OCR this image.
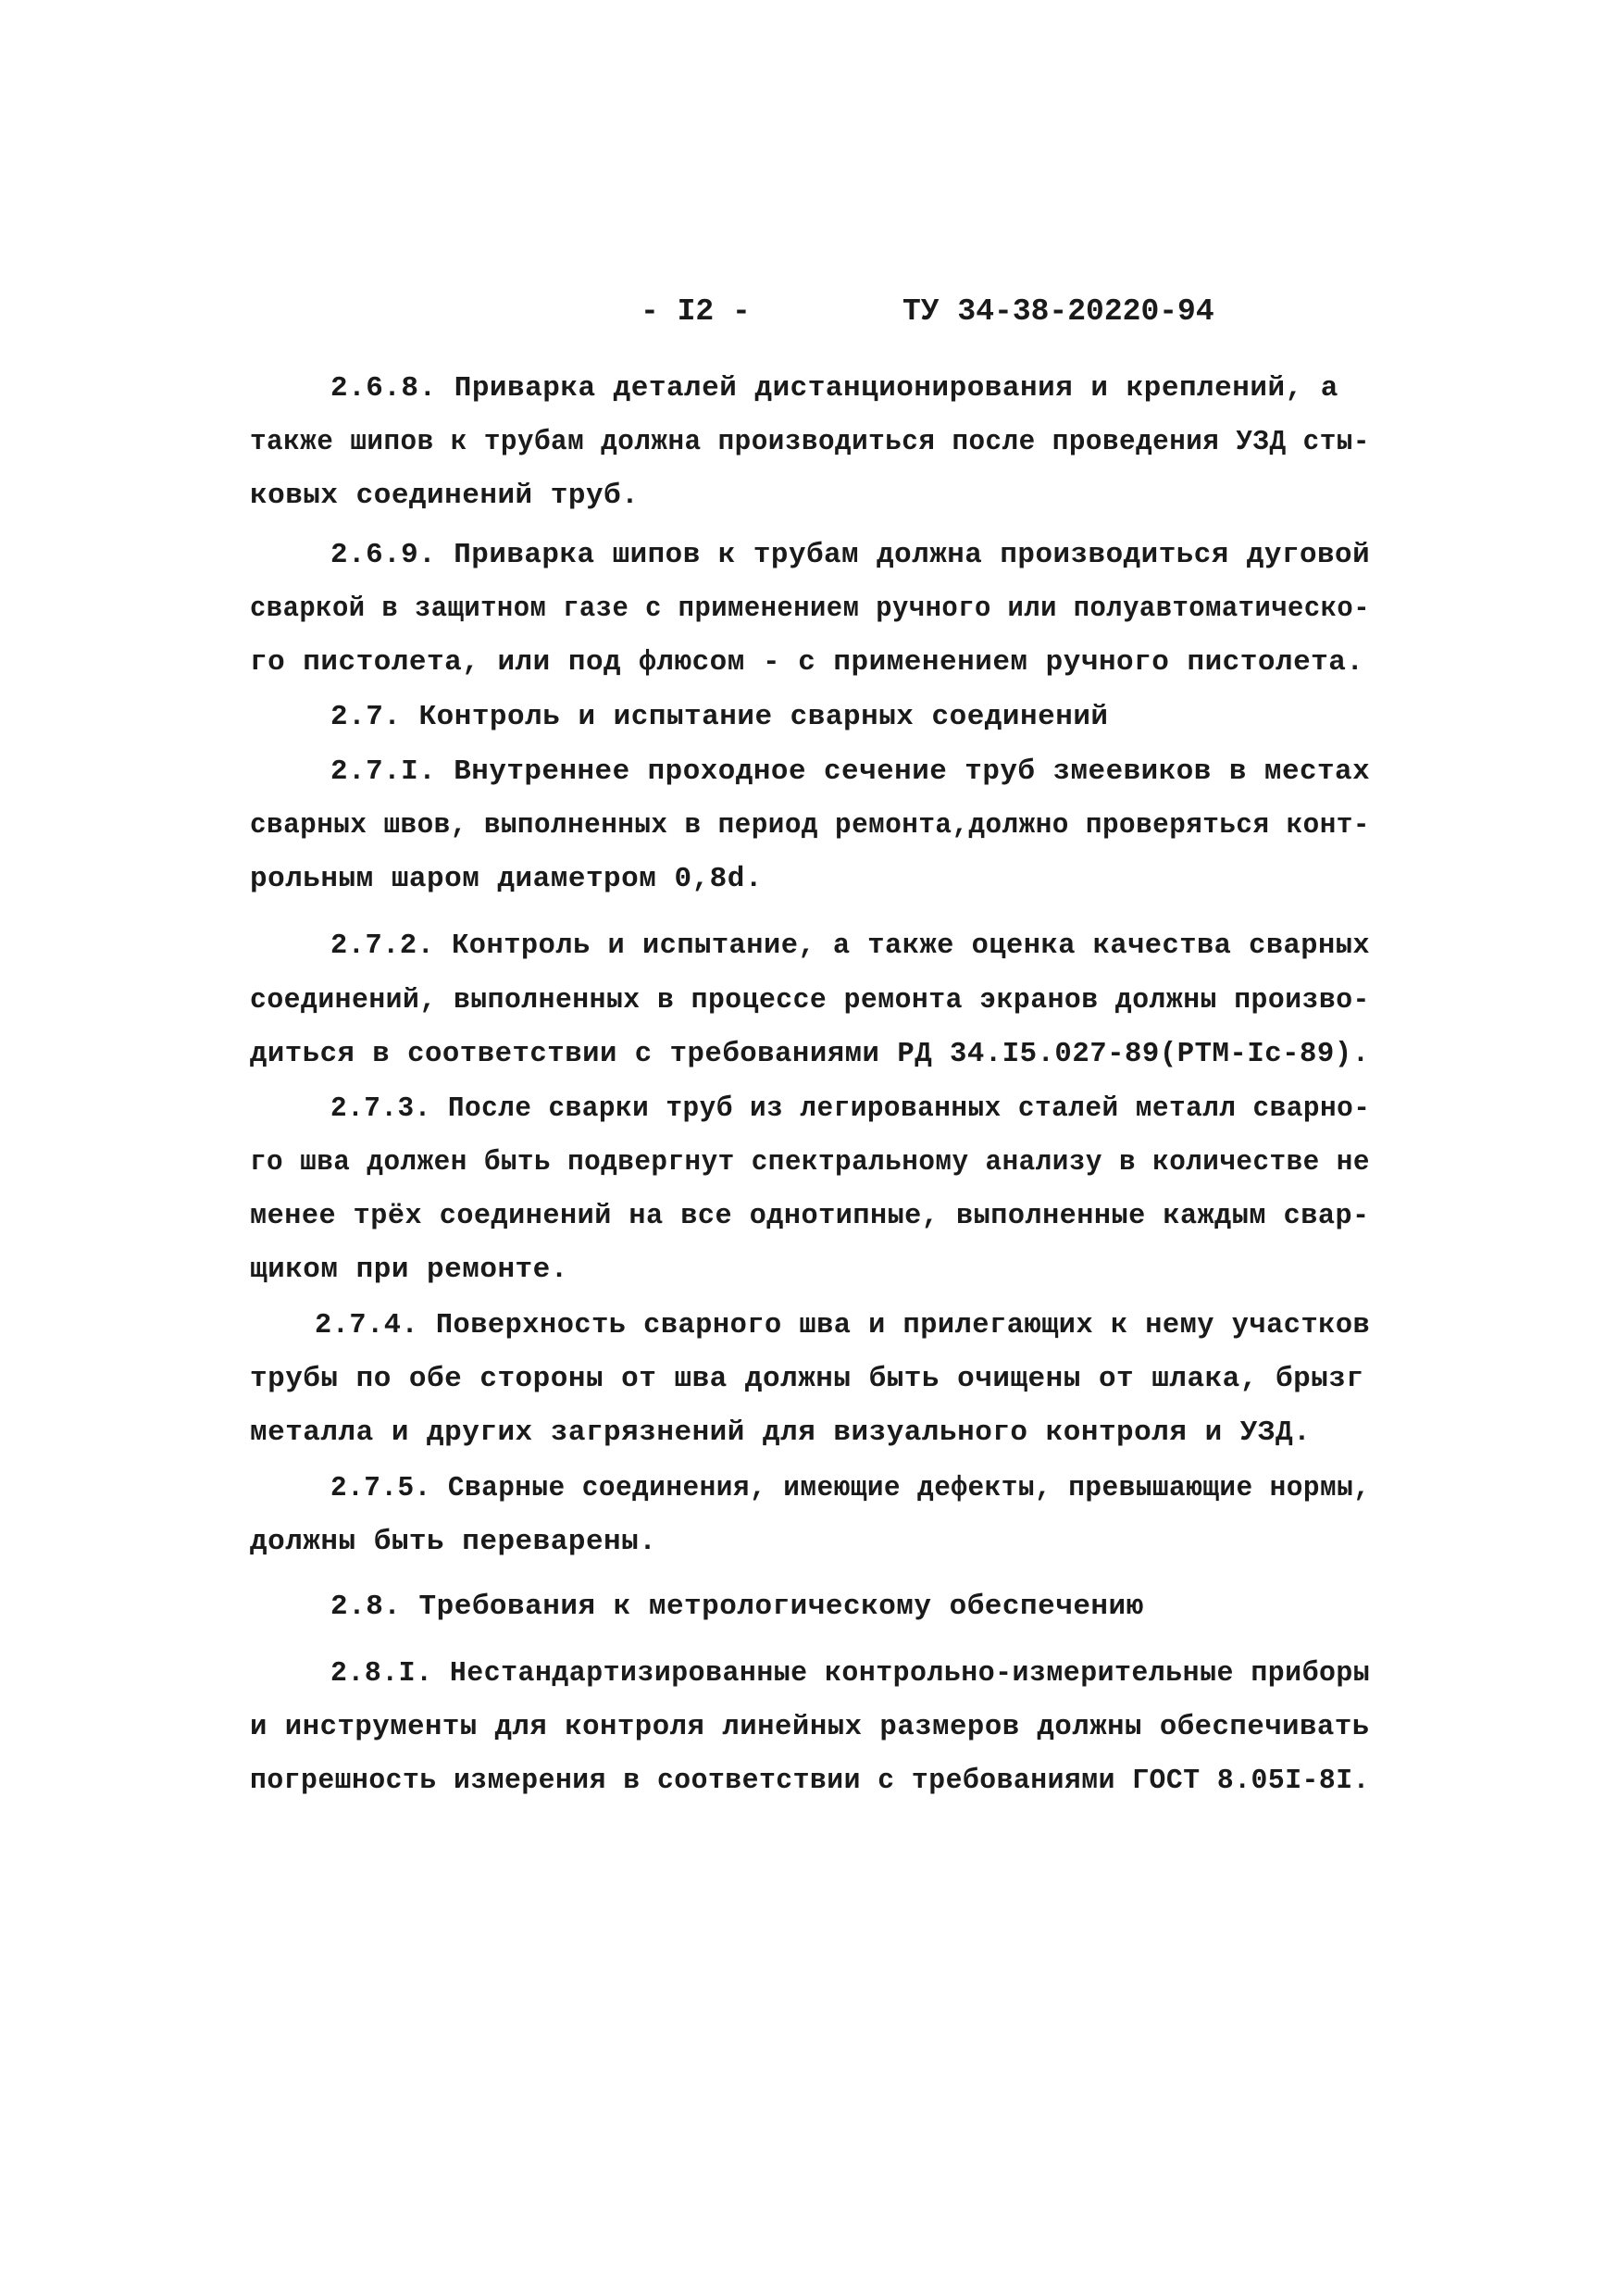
- I2 -	ТУ 34-38-20220-94
2.6.8. Приварка деталей дистанционирования и креплений, а
также шипов к трубам должна производиться после проведения УЗД сты-
ковых соединений труб.
2.6.9. Приварка шипов к трубам должна производиться дуговой
сваркой в защитном газе с применением ручного или полуавтоматическо-
го пистолета, или под флюсом - с применением ручного пистолета.
2.7. Контроль и испытание сварных соединений
2.7.I. Внутреннее проходное сечение труб змеевиков в местах
сварных швов, выполненных в период ремонта,должно проверяться конт-
рольным шаром диаметром 0,8d.
2.7.2. Контроль и испытание, а также оценка качества сварных
соединений, выполненных в процессе ремонта экранов должны произво-
диться в соответствии с требованиями РД 34.I5.027-89(РТМ-Iс-89).
2.7.3. После сварки труб из легированных сталей металл сварно-
го шва должен быть подвергнут спектральному анализу в количестве не
менее трёх соединений на все однотипные, выполненные каждым свар-
щиком при ремонте.
2.7.4. Поверхность сварного шва и прилегающих к нему участков
трубы по обе стороны от шва должны быть очищены от шлака, брызг
металла и других загрязнений для визуального контроля и УЗД.
2.7.5. Сварные соединения, имеющие дефекты, превышающие нормы,
должны быть переварены.
2.8. Требования к метрологическому обеспечению
2.8.I. Нестандартизированные контрольно-измерительные приборы
и инструменты для контроля линейных размеров должны обеспечивать
погрешность измерения в соответствии с требованиями ГОСТ 8.05I-8I.
